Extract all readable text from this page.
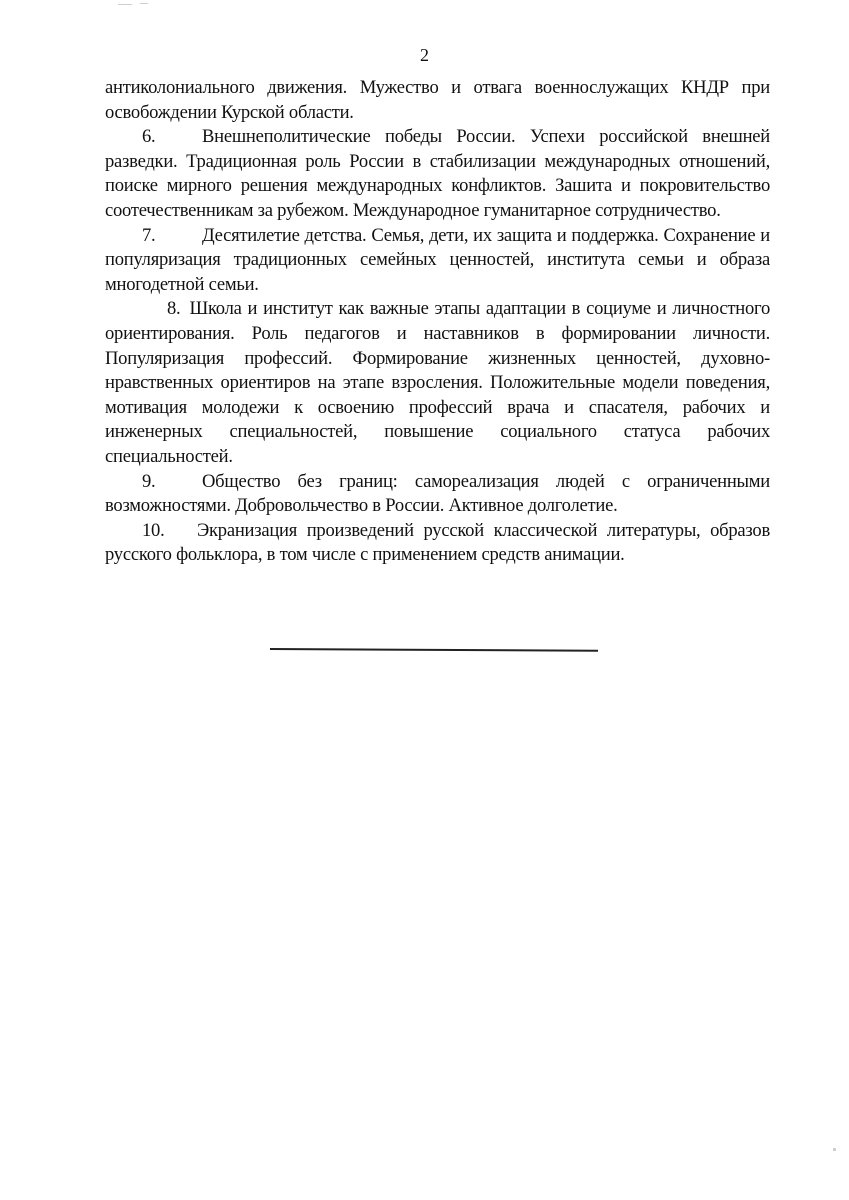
2

антиколониального движения. Мужество и отвага военнослужащих КНДР при освобождении Курской области.

6.	Внешнеполитические победы России. Успехи российской внешней разведки. Традиционная роль России в стабилизации международных отношений, поиске мирного решения международных конфликтов. Зашита и покровительство соотечественникам за рубежом. Международное гуманитарное сотрудничество.

7.	Десятилетие детства. Семья, дети, их защита и поддержка. Сохранение и популяризация традиционных семейных ценностей, института семьи и образа многодетной семьи.

8. Школа и институт как важные этапы адаптации в социуме и личностного ориентирования. Роль педагогов и наставников в формировании личности. Популяризация профессий. Формирование жизненных ценностей, духовно-нравственных ориентиров на этапе взросления. Положительные модели поведения, мотивация молодежи к освоению профессий врача и спасателя, рабочих и инженерных специальностей, повышение социального статуса рабочих специальностей.

9.	Общество без границ: самореализация людей с ограниченными возможностями. Добровольчество в России. Активное долголетие.

10. Экранизация произведений русской классической литературы, образов русского фольклора, в том числе с применением средств анимации.
